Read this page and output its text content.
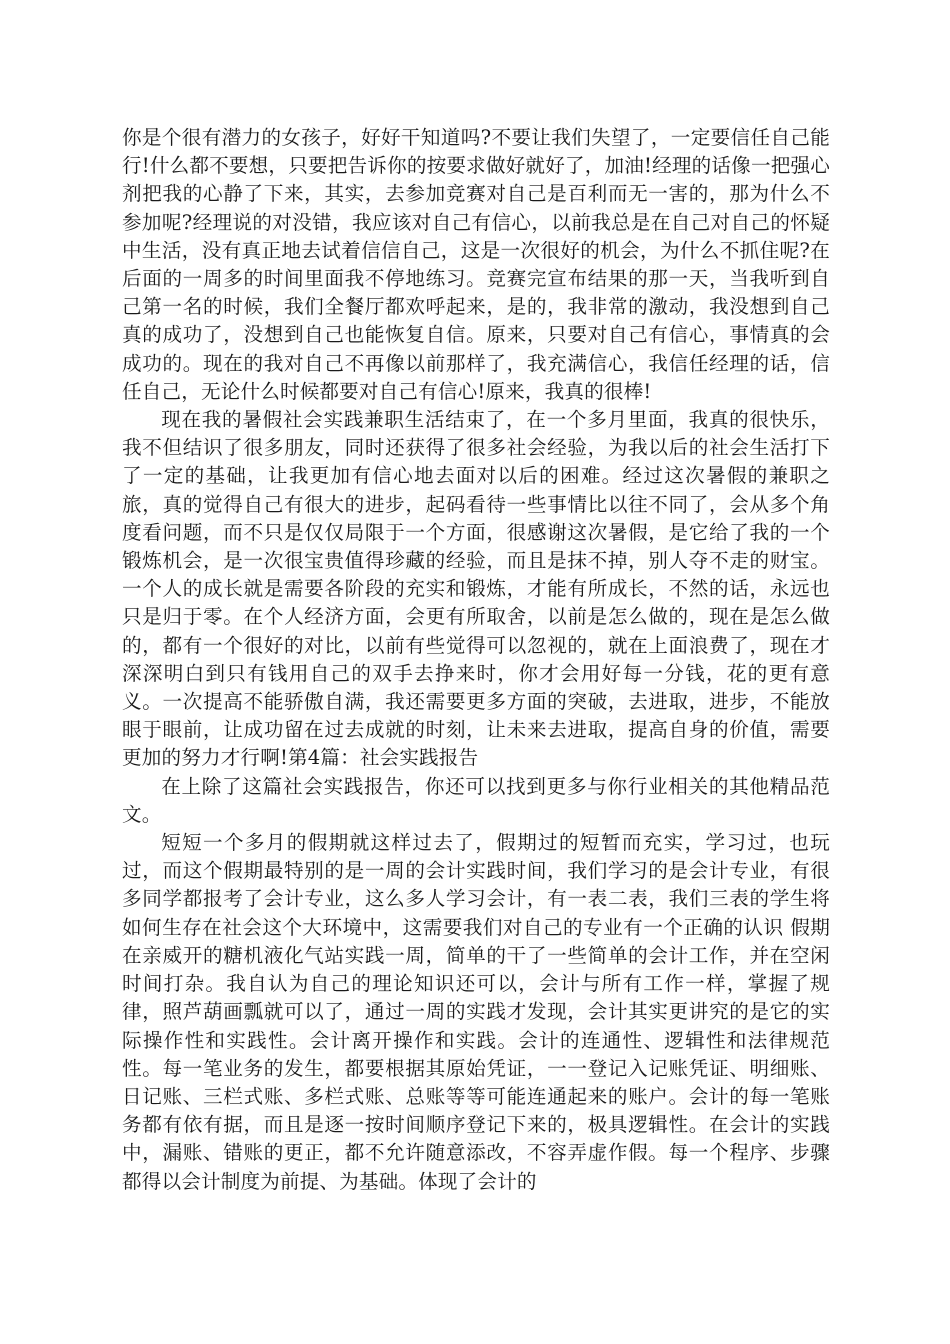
你是个很有潜力的女孩子，好好干知道吗?不要让我们失望了，一定要信任自己能行!什么都不要想，只要把告诉你的按要求做好就好了，加油!经理的话像一把强心剂把我的心静了下来，其实，去参加竞赛对自己是百利而无一害的，那为什么不参加呢?经理说的对没错，我应该对自己有信心，以前我总是在自己对自己的怀疑中生活，没有真正地去试着信信自己，这是一次很好的机会，为什么不抓住呢?在后面的一周多的时间里面我不停地练习。竞赛完宣布结果的那一天，当我听到自己第一名的时候，我们全餐厅都欢呼起来，是的，我非常的激动，我没想到自己真的成功了，没想到自己也能恢复自信。原来，只要对自己有信心，事情真的会成功的。现在的我对自己不再像以前那样了，我充满信心，我信任经理的话，信任自己，无论什么时候都要对自己有信心!原来，我真的很棒!

现在我的暑假社会实践兼职生活结束了，在一个多月里面，我真的很快乐，我不但结识了很多朋友，同时还获得了很多社会经验，为我以后的社会生活打下了一定的基础，让我更加有信心地去面对以后的困难。经过这次暑假的兼职之旅，真的觉得自己有很大的进步，起码看待一些事情比以往不同了，会从多个角度看问题，而不只是仅仅局限于一个方面，很感谢这次暑假，是它给了我的一个锻炼机会，是一次很宝贵值得珍藏的经验，而且是抹不掉，别人夺不走的财宝。一个人的成长就是需要各阶段的充实和锻炼，才能有所成长，不然的话，永远也只是归于零。在个人经济方面，会更有所取舍，以前是怎么做的，现在是怎么做的，都有一个很好的对比，以前有些觉得可以忽视的，就在上面浪费了，现在才深深明白到只有钱用自己的双手去挣来时，你才会用好每一分钱，花的更有意义。一次提高不能骄傲自满，我还需要更多方面的突破，去进取，进步，不能放眼于眼前，让成功留在过去成就的时刻，让未来去进取，提高自身的价值，需要更加的努力才行啊!第4篇：社会实践报告

在上除了这篇社会实践报告，你还可以找到更多与你行业相关的其他精品范文。

短短一个多月的假期就这样过去了，假期过的短暂而充实，学习过，也玩过，而这个假期最特别的是一周的会计实践时间，我们学习的是会计专业，有很多同学都报考了会计专业，这么多人学习会计，有一表二表，我们三表的学生将如何生存在社会这个大环境中，这需要我们对自己的专业有一个正确的认识 假期在亲威开的糖机液化气站实践一周，简单的干了一些简单的会计工作，并在空闲时间打杂。我自认为自己的理论知识还可以，会计与所有工作一样，掌握了规律，照芦葫画瓢就可以了，通过一周的实践才发现，会计其实更讲究的是它的实际操作性和实践性。会计离开操作和实践。会计的连通性、逻辑性和法律规范性。每一笔业务的发生，都要根据其原始凭证，一一登记入记账凭证、明细账、日记账、三栏式账、多栏式账、总账等等可能连通起来的账户。会计的每一笔账务都有依有据，而且是逐一按时间顺序登记下来的，极具逻辑性。在会计的实践中，漏账、错账的更正，都不允许随意添改，不容弄虚作假。每一个程序、步骤都得以会计制度为前提、为基础。体现了会计的
